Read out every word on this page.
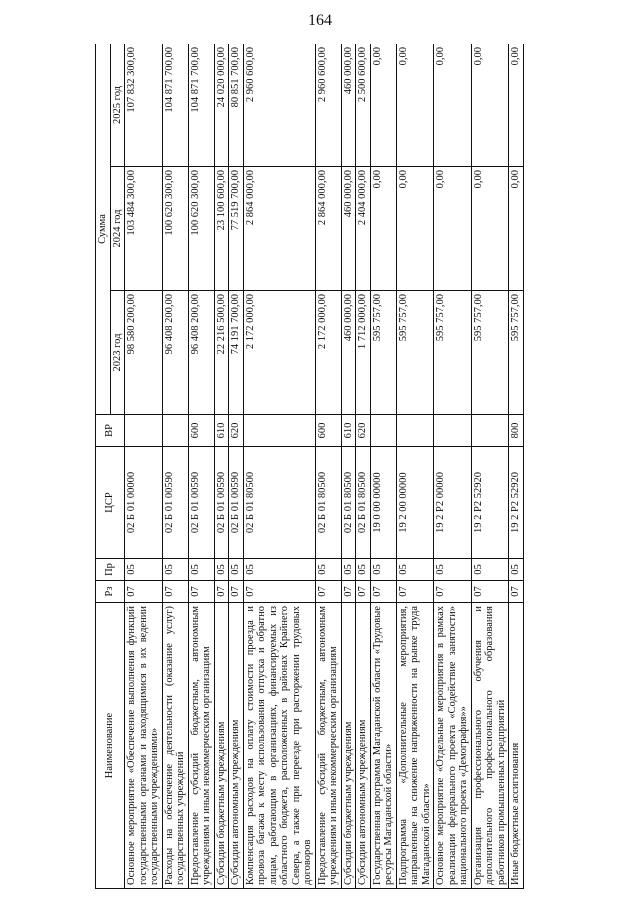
164
Наименование	Рз	Пр	ЦСР	ВР	Сумма		
					2023 год	2024 год	2025 год
Основное мероприятие «Обеспечение выполнения функций государственными органами и находящимися в их ведении государственными учреждениями»	07	05	02 Б 01 00000		98 580 200,00	103 484 300,00	107 832 300,00
Расходы на обеспечение деятельности (оказание услуг) государственных учреждений	07	05	02 Б 01 00590		96 408 200,00	100 620 300,00	104 871 700,00
Предоставление субсидий бюджетным, автономным учреждениям и иным некоммерческим организациям	07	05	02 Б 01 00590	600	96 408 200,00	100 620 300,00	104 871 700,00
Субсидии бюджетным учреждениям	07	05	02 Б 01 00590	610	22 216 500,00	23 100 600,00	24 020 000,00
Субсидии автономным учреждениям	07	05	02 Б 01 00590	620	74 191 700,00	77 519 700,00	80 851 700,00
Компенсация расходов на оплату стоимости проезда и провоза багажа к месту использования отпуска и обратно лицам, работающим в организациях, финансируемых из областного бюджета, расположенных в районах Крайнего Севера, а также при переезде при расторжении трудовых договоров	07	05	02 Б 01 80500		2 172 000,00	2 864 000,00	2 960 600,00
Предоставление субсидий бюджетным, автономным учреждениям и иным некоммерческим организациям	07	05	02 Б 01 80500	600	2 172 000,00	2 864 000,00	2 960 600,00
Субсидии бюджетным учреждениям	07	05	02 Б 01 80500	610	460 000,00	460 000,00	460 000,00
Субсидии автономным учреждениям	07	05	02 Б 01 80500	620	1 712 000,00	2 404 000,00	2 500 600,00
Государственная программа Магаданской области «Трудовые ресурсы Магаданской области»	07	05	19 0 00 00000		595 757,00	0,00	0,00
Подпрограмма «Дополнительные мероприятия, направленные на снижение напряженности на рынке труда Магаданской области»	07	05	19 2 00 00000		595 757,00	0,00	0,00
Основное мероприятие «Отдельные мероприятия в рамках реализации федерального проекта «Содействие занятости» национального проекта «Демография»»	07	05	19 2 P2 00000		595 757,00	0,00	0,00
Организация профессионального обучения и дополнительного профессионального образования работников промышленных предприятий	07	05	19 2 P2 52920		595 757,00	0,00	0,00
Иные бюджетные ассигнования	07	05	19 2 P2 52920	800	595 757,00	0,00	0,00
